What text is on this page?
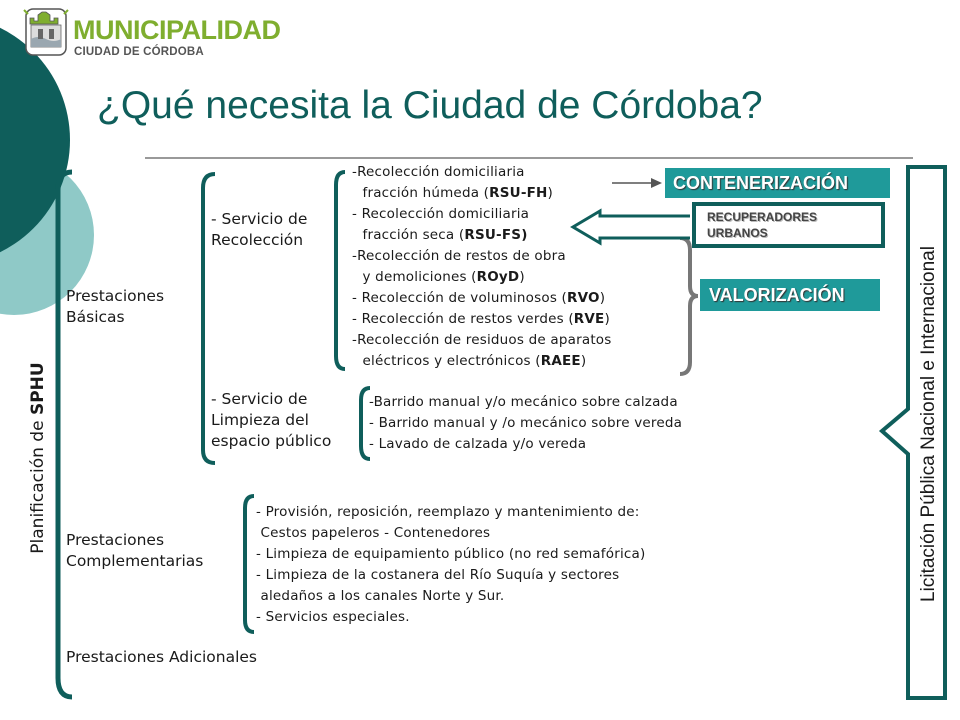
MUNICIPALIDAD
CIUDAD DE CÓRDOBA
¿Qué necesita la Ciudad de Córdoba?
Planificación de SPHU	Licitación Pública Nacional e Internacional
Prestaciones
Básicas
Prestaciones
Complementarias
Prestaciones Adicionales
- Servicio de
Recolección
- Servicio de
Limpieza del
espacio público
-Recolección domiciliaria
fracción húmeda (RSU-FH)
- Recolección domiciliaria
fracción seca (RSU-FS)
-Recolección de restos de obra
y demoliciones (ROyD)
- Recolección de voluminosos (RVO)
- Recolección de restos verdes (RVE)
-Recolección de residuos de aparatos
eléctricos y electrónicos (RAEE)
-Barrido manual y/o mecánico sobre calzada
- Barrido manual y /o mecánico sobre vereda
- Lavado de calzada y/o vereda
- Provisión, reposición, reemplazo y mantenimiento de:
Cestos papeleros - Contenedores
- Limpieza de equipamiento público (no red semafórica)
- Limpieza de la costanera del Río Suquía y sectores
aledaños a los canales Norte y Sur.
- Servicios especiales.
CONTENERIZACIÓN
RECUPERADORES
URBANOS
VALORIZACIÓN
